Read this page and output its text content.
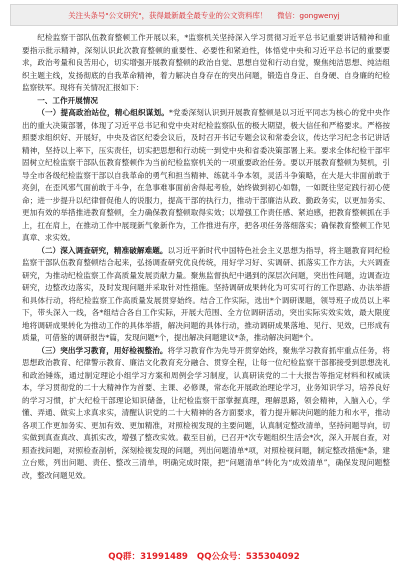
关注头条号"公文研究"，获得最新最全最专业的公文资料库！ 微信：gongwenyj

纪检监察干部队伍教育整顿工作开展以来，*监察机关坚持深入学习贯彻习近平总书记重要讲话精神和重要指示批示精神，深刻认识此次教育整顿的重要性、必要性和紧迫性，体悟党中央和习近平总书记的重要要求，政治考量和良苦用心，切实增强开展教育整顿的政治自觉、思想自觉和行动自觉，聚焦纯洁思想、纯洁组织主题主线，发扬彻底的自我革命精神，着力解决自身存在的突出问题，锻造自身正、自身硬、自身廉的纪检监察铁军。现将有关情况汇报如下：

一、工作开展情况

（一）提高政治站位，精心组织谋划。*党委深刻认识到开展教育整顿是以习近平同志为核心的党中央作出的重大决策部署，体现了习近平总书记和党中央对纪检监察队伍的极大期望，极大信任和严格要求。严格按照要求组织好、开展好，中央及省区纪委会议后，及时召开书记专题会议和常委会议，传达学习纪念书记讲话精神，坚持以上率下，压实责任，切实把思想和行动统一到党中央和省委决策部署上来。要求全体纪检干部牢固树立纪检监察干部队伍教育整顿作为当前纪检监察机关的一项重要政治任务。要以开展教育整顿为契机，引导全市各级纪检监察干部以自我革命的勇气和担当精神、练就斗争本领，灵活斗争策略，在大是大非面前敢于亮剑，在歪风邪气面前敢于斗争，在急事难事面前舍得起考验，始终做到初心如磐，一如既往坚定践行初心使命；进一步提升以纪律督促他人的说服力，提高干部的执行力，推动干部廉洁从政、勤政务实，以更加务实、更加有效的举措推进教育整顿，全力确保教育整顿取得实效；以增强工作责任感、紧迫感，把教育整顿抓在手上，扛在肩上，在推动工作中展现新气象新作为，工作推进有序，把各项任务落细落实；确保教育整顿工作见真章、求实效。

（二）深入调查研究，精准破解难题。以习近平新时代中国特色社会主义思想为指导，将主题教育同纪检监察干部队伍教育整顿结合起来，弘扬调查研究优良传统，用好学习好、实调研、抓落实工作方法，大兴调查研究，为推动纪检监察工作高质量发展贡献力量。聚焦监督执纪中遇到的深层次问题，突出性问题，边调查边研究，边整改边落实，及时发现问题并采取针对性措施。坚持调研成果转化为可实可行的工作思路、办法举措和具体行动，将纪检监察工作高质量发展贯穿始终。结合工作实际，选出*个调研课题，领导班子成员以上率下，带头深入一线，各*组结合各自工作实际，开展大范围、全方位调研活动，突出实际实效实效，最大限度地将调研成果转化为推动工作的具体举措，解决问题的具体行动，推动调研成果落地、见行、见效，已形成有质量，可借鉴的调研报告*篇，发现问题*个，提出解决问题建议*条，推动解决问题*个。

（三）突出学习教育，用好检视整治。将学习教育作为先导开贯穿始终，聚焦学习教育抓牢重点任务，将思想政治教育、纪律警示教育、廉洁文化教育充分融合、贯穿全程，让每一位纪检监察干部都接受到思想洗礼和政治锤炼，通过制定理论小组学习方案和周例会学习制度，认真研读党的二十大报告等指定材料和权威读本，学习贯彻党的二十大精神作为首要、主课、必修课，常态化开展政治理论学习，业务知识学习，培养良好的学习习惯，扩大纪检干部理论知识储备，让纪检监察干部掌握真理，理解思路，领会精神，入脑入心，学懂、弄通、做实上求真求实，清醒认识党的二十大精神的各方面要求，着力提升解决问题的能力和水平，推动各项工作更加务实、更加有效、更加精准，对照检视发现的主要问题，认真制定整改清单，坚持问题导向，切实做到真查真改、真抓实改，增强了整改实效。截至目前，已召开*次专题组织生活会*次，深入开展自查，对照查找问题，对照检查剖析，深刻检视发现的问题，列出问题清单*项，对照检视问题，制定整改措施*条，建立台账，列出问题、责任、整改三清单，明确完成时限，把“问题清单”转化为“成效清单”，确保发现问题整改，整改问题见效。

QQ群：31991489 QQ公众号：535304092
